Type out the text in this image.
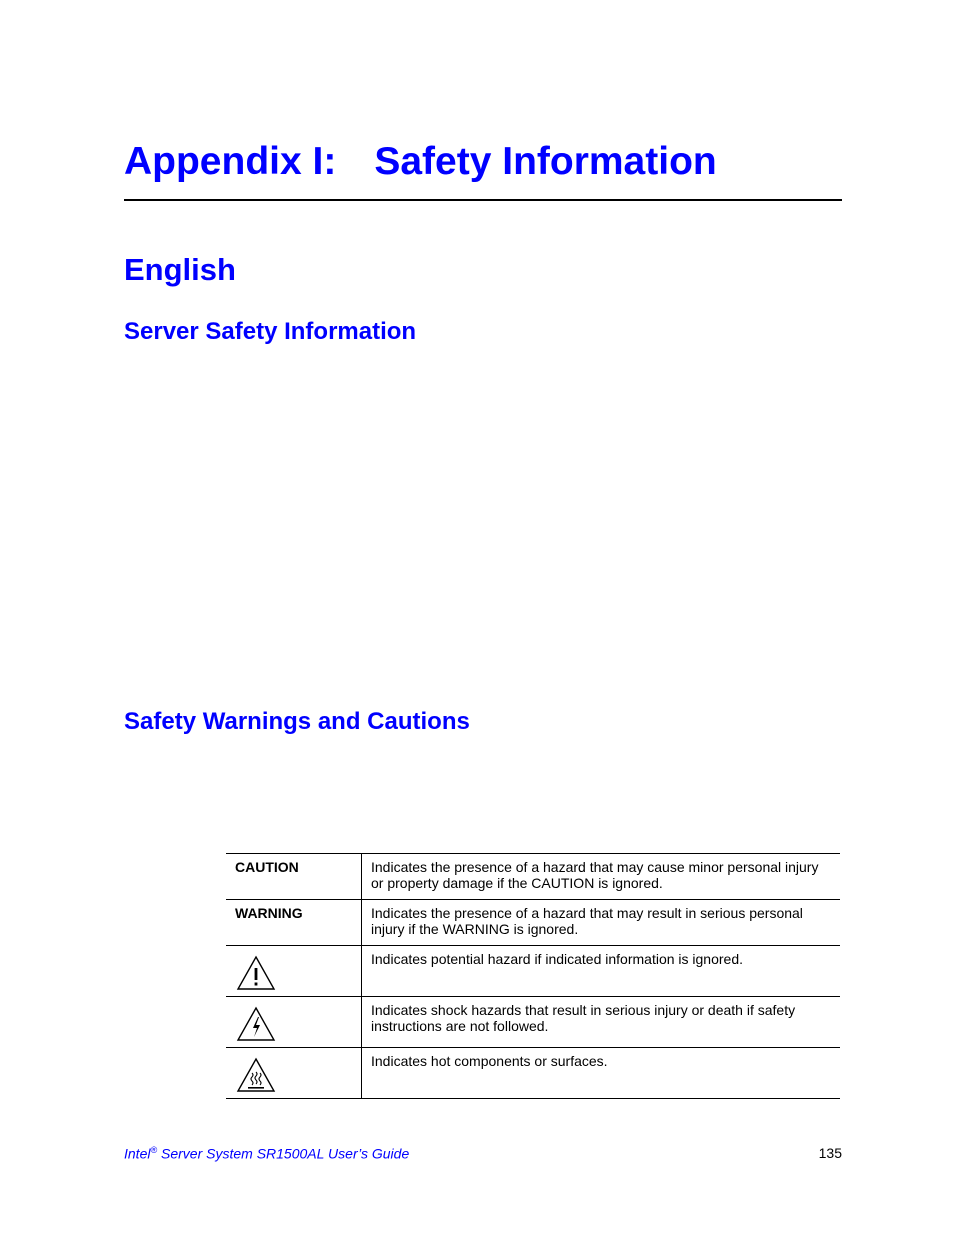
Appendix I: Safety Information
English
Server Safety Information
Safety Warnings and Cautions
CAUTION	Indicates the presence of a hazard that may cause minor personal injury or property damage if the CAUTION is ignored.
WARNING	Indicates the presence of a hazard that may result in serious personal injury if the WARNING is ignored.

	Indicates potential hazard if indicated information is ignored.

	Indicates shock hazards that result in serious injury or death if safety instructions are not followed.

	Indicates hot components or surfaces.
Intel® Server System SR1500AL User’s Guide	135
